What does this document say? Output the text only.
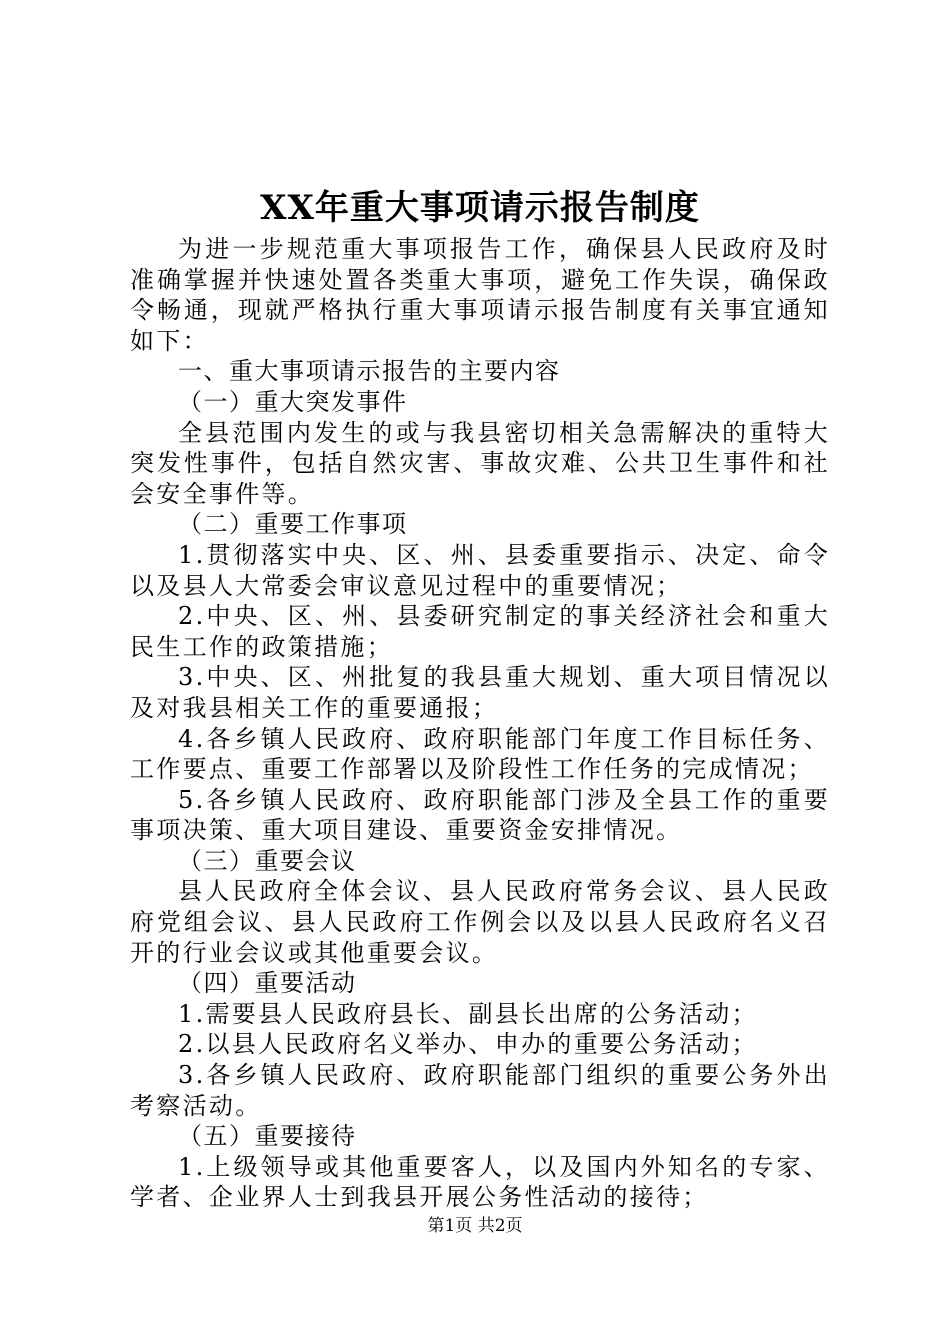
XX年重大事项请示报告制度

为进一步规范重大事项报告工作，确保县人民政府及时准确掌握并快速处置各类重大事项，避免工作失误，确保政令畅通，现就严格执行重大事项请示报告制度有关事宜通知如下：

一、重大事项请示报告的主要内容

（一）重大突发事件

全县范围内发生的或与我县密切相关急需解决的重特大突发性事件，包括自然灾害、事故灾难、公共卫生事件和社会安全事件等。

（二）重要工作事项

1.贯彻落实中央、区、州、县委重要指示、决定、命令以及县人大常委会审议意见过程中的重要情况；

2.中央、区、州、县委研究制定的事关经济社会和重大民生工作的政策措施；

3.中央、区、州批复的我县重大规划、重大项目情况以及对我县相关工作的重要通报；

4.各乡镇人民政府、政府职能部门年度工作目标任务、工作要点、重要工作部署以及阶段性工作任务的完成情况；

5.各乡镇人民政府、政府职能部门涉及全县工作的重要事项决策、重大项目建设、重要资金安排情况。

（三）重要会议

县人民政府全体会议、县人民政府常务会议、县人民政府党组会议、县人民政府工作例会以及以县人民政府名义召开的行业会议或其他重要会议。

（四）重要活动

1.需要县人民政府县长、副县长出席的公务活动；

2.以县人民政府名义举办、申办的重要公务活动；

3.各乡镇人民政府、政府职能部门组织的重要公务外出考察活动。

（五）重要接待

1.上级领导或其他重要客人，以及国内外知名的专家、学者、企业界人士到我县开展公务性活动的接待；

第1页 共2页
